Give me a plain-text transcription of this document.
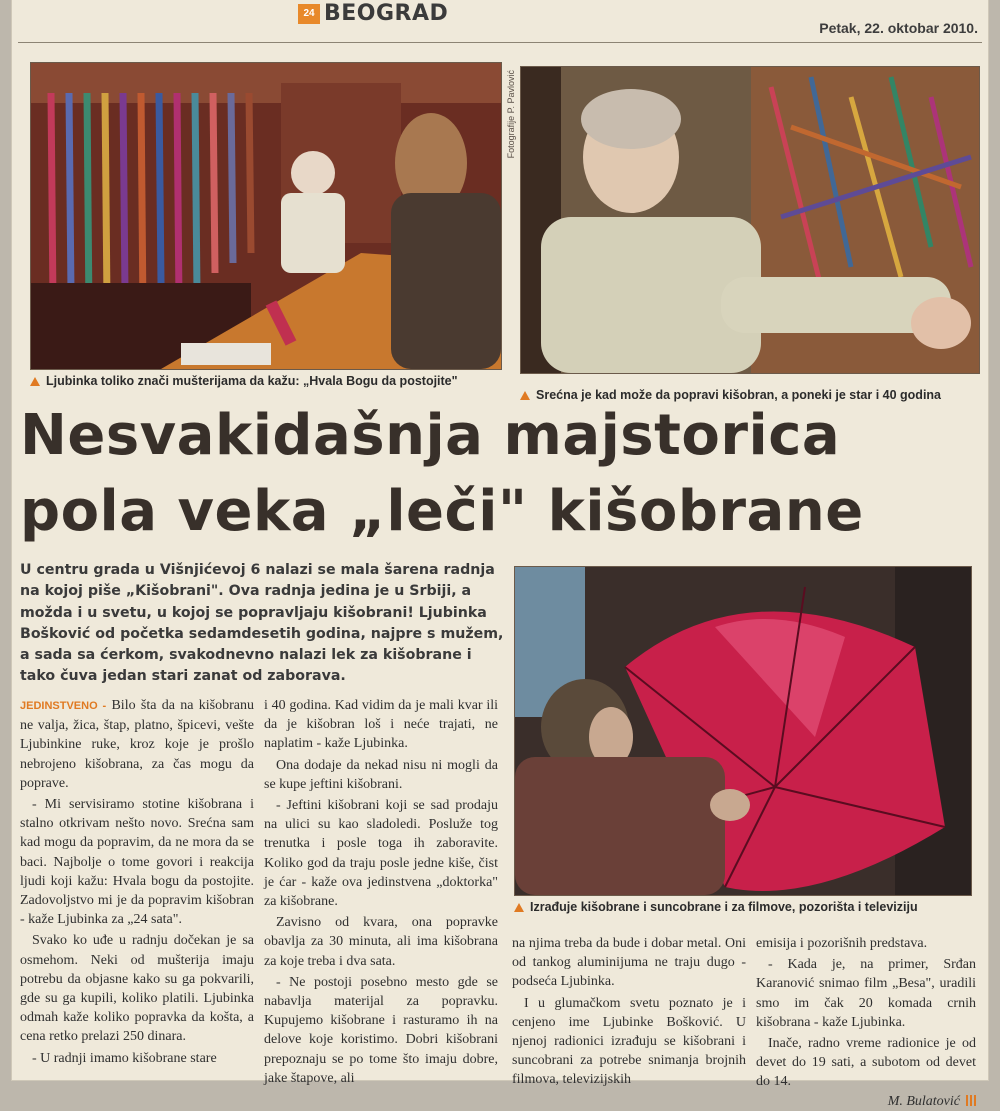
24 BEOGRAD
Petak, 22. oktobar 2010.
Fotografije P. Pavlović
Ljubinka toliko znači mušterijama da kažu: „Hvala Bogu da postojite"
Srećna je kad može da popravi kišobran, a poneki je star i 40 godina
Nesvakidašnja majstorica
pola veka „leči" kišobrane
U centru grada u Višnjićevoj 6 nalazi se mala šarena radnja na kojoj piše „Kišobrani". Ova radnja jedina je u Srbiji, a možda i u svetu, u kojoj se popravljaju kišobrani! Ljubinka Bošković od početka sedamdesetih godina, najpre s mužem, a sada sa ćerkom, svakodnevno nalazi lek za kišobrane i tako čuva jedan stari zanat od zaborava.
Izrađuje kišobrane i suncobrane i za filmove, pozorišta i televiziju

JEDINSTVENO - Bilo šta da na kišobranu ne valja, žica, štap, platno, špicevi, vešte Ljubinkine ruke, kroz koje je prošlo nebrojeno kišobrana, za čas mogu da poprave.

- Mi servisiramo stotine kišobrana i stalno otkrivam nešto novo. Srećna sam kad mogu da popravim, da ne mora da se baci. Najbolje o tome govori i reakcija ljudi koji kažu: Hvala bogu da postojite. Zadovoljstvo mi je da popravim kišobran - kaže Ljubinka za „24 sata".

Svako ko uđe u radnju dočekan je sa osmehom. Neki od mušterija imaju potrebu da objasne kako su ga pokvarili, gde su ga kupili, koliko platili. Ljubinka odmah kaže koliko popravka da košta, a cena retko prelazi 250 dinara.

- U radnji imamo kišobrane stare

i 40 godina. Kad vidim da je mali kvar ili da je kišobran loš i neće trajati, ne naplatim - kaže Ljubinka.

Ona dodaje da nekad nisu ni mogli da se kupe jeftini kišobrani.

- Jeftini kišobrani koji se sad prodaju na ulici su kao sladoledi. Posluže tog trenutka i posle toga ih zaboravite. Koliko god da traju posle jedne kiše, čist je ćar - kaže ova jedinstvena „doktorka" za kišobrane.

Zavisno od kvara, ona popravke obavlja za 30 minuta, ali ima kišobrana za koje treba i dva sata.

- Ne postoji posebno mesto gde se nabavlja materijal za popravku. Kupujemo kišobrane i rasturamo ih na delove koje koristimo. Dobri kišobrani prepoznaju se po tome što imaju dobre, jake štapove, ali

na njima treba da bude i dobar metal. Oni od tankog aluminijuma ne traju dugo - podseća Ljubinka.

I u glumačkom svetu poznato je i cenjeno ime Ljubinke Bošković. U njenoj radionici izrađuju se kišobrani i suncobrani za potrebe snimanja brojnih filmova, televizijskih

emisija i pozorišnih predstava.

- Kada je, na primer, Srđan Karanović snimao film „Besa", uradili smo im čak 20 komada crnih kišobrana - kaže Ljubinka.

Inače, radno vreme radionice je od devet do 19 sati, a subotom od devet do 14.

M. Bulatović
